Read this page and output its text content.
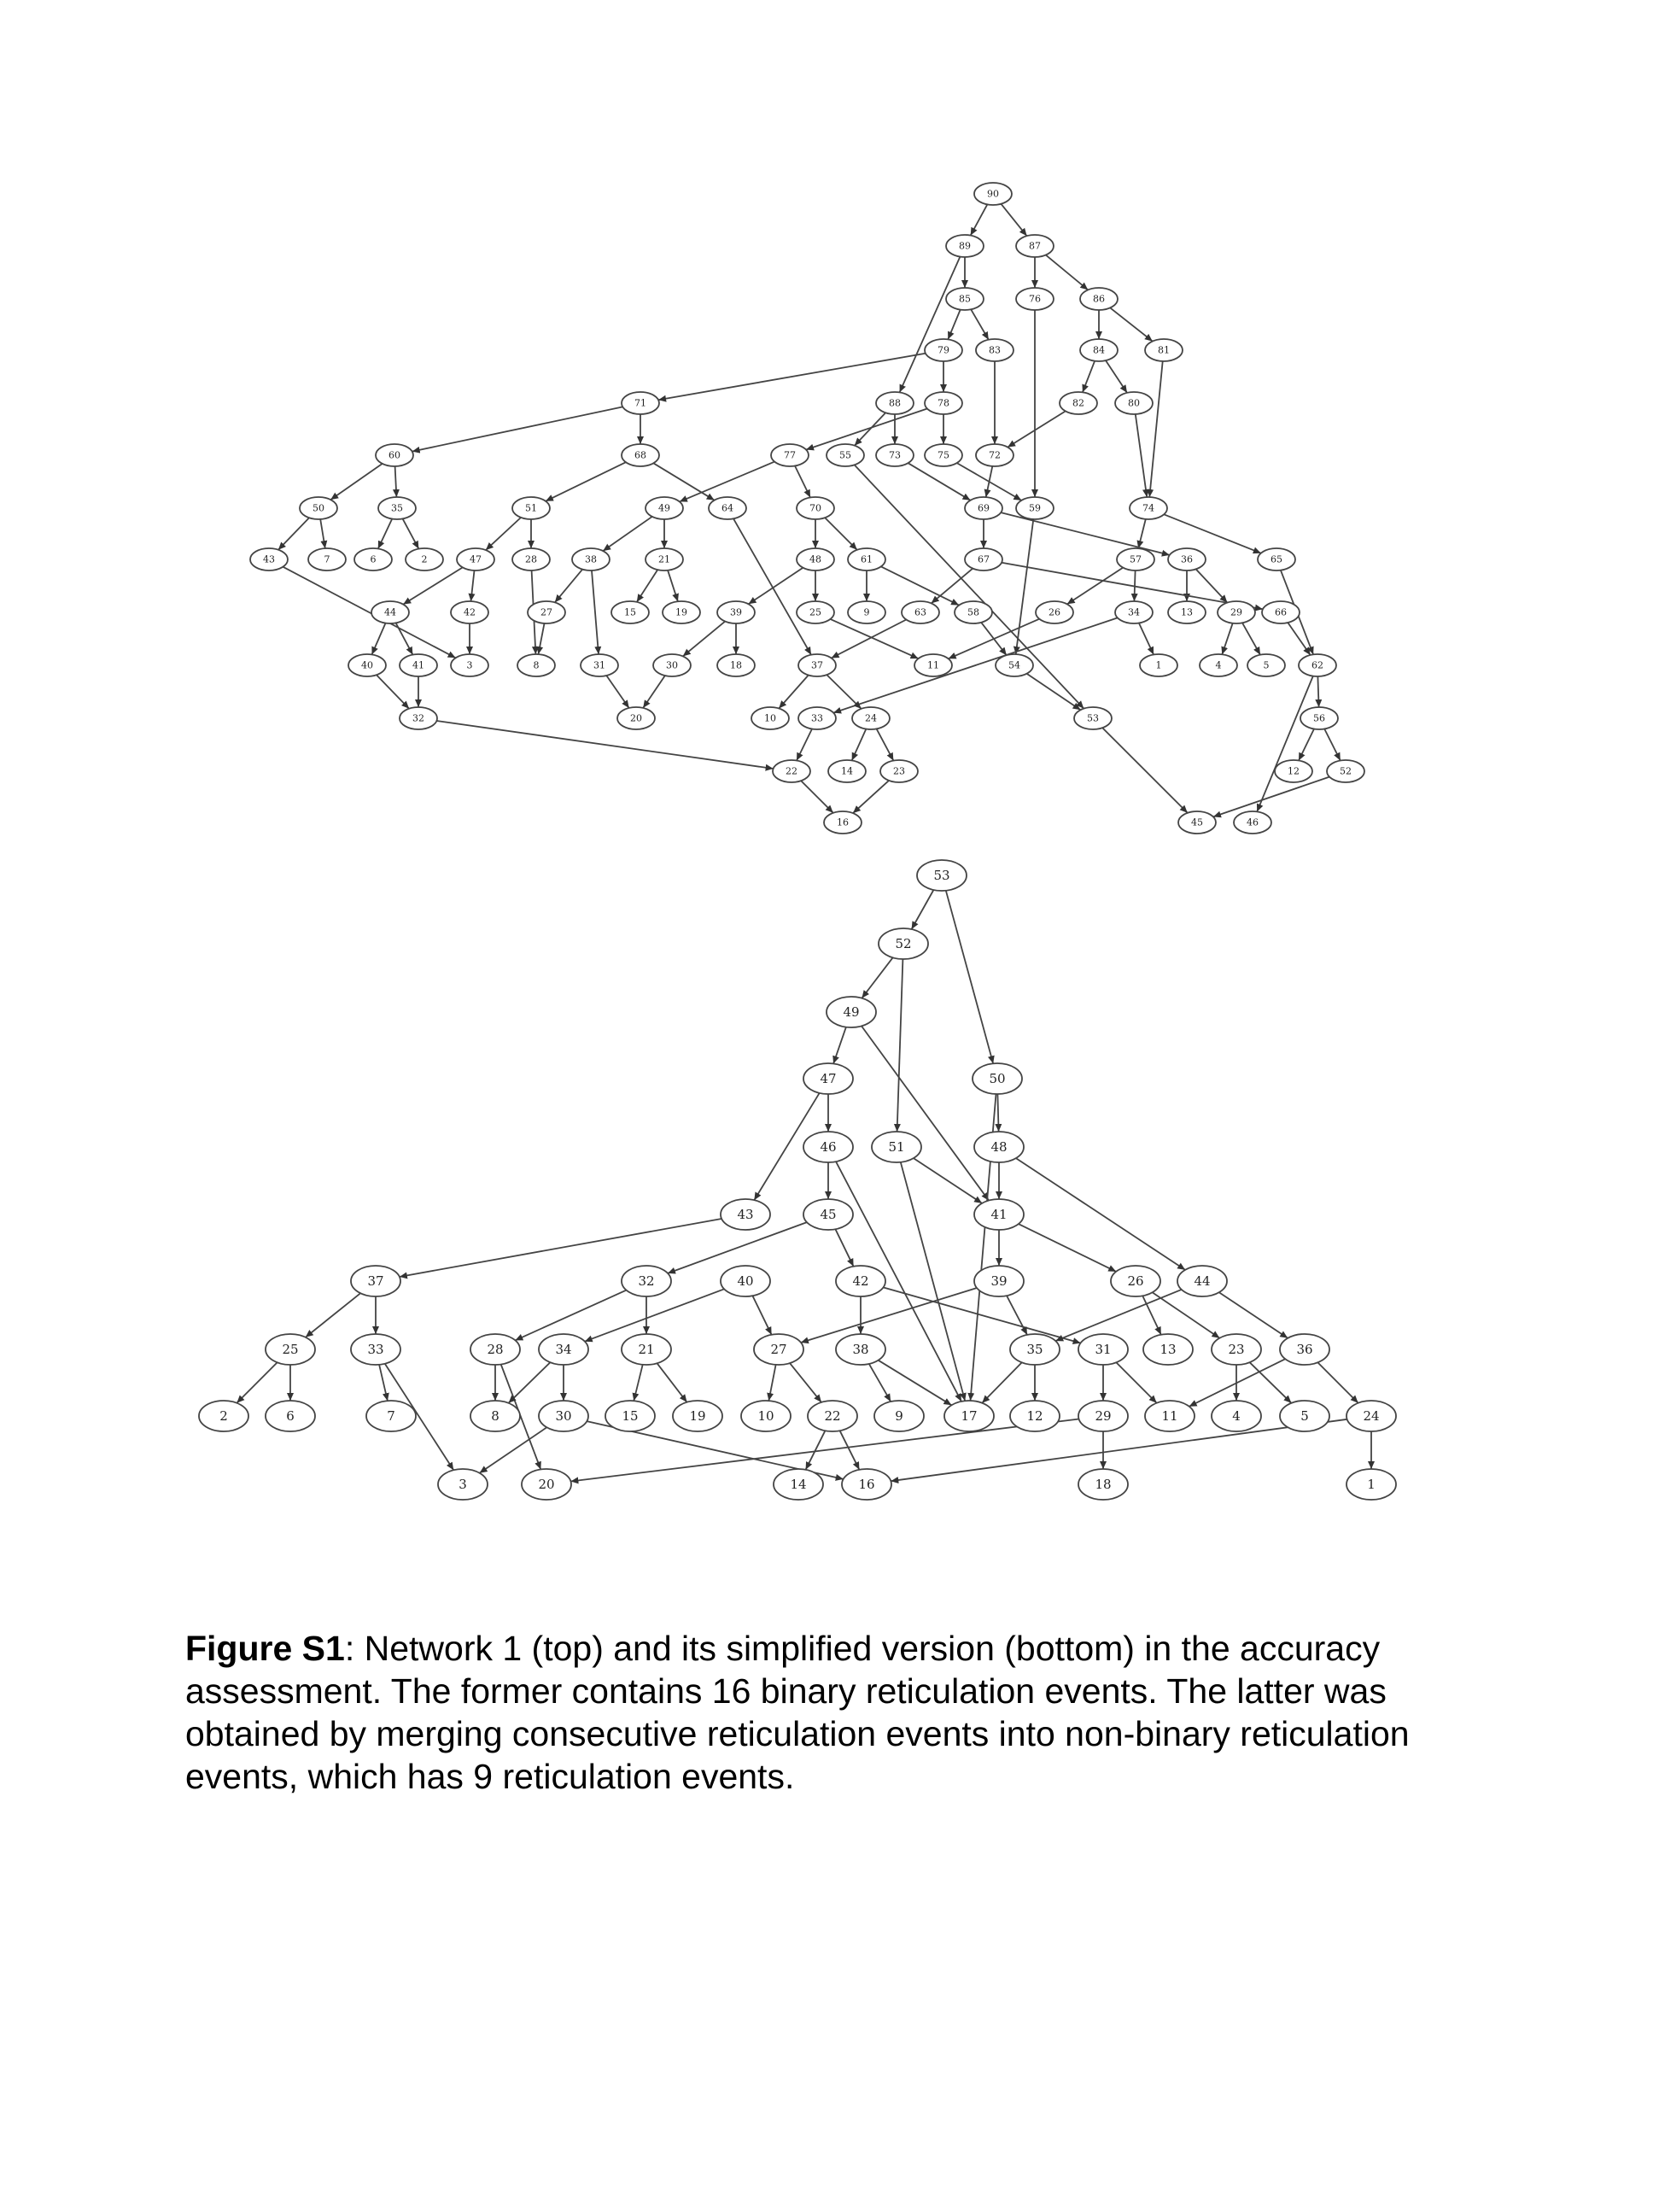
90
89	87
85	76	86
79	83	84	81
71	88	78	82	80
60	68	77	55	73	75	72
74
50	35	51	49	64	70	69	59
65
43	7	6	2	47	28	38	21	48	61	67	57	36
44	42	27	15	19	39	25	9	63	58	26	34	13	29	66
40	41	3	8	31	30	18	37	11	54	1	4	5	62
32	20	10	33	24	53	56
22	14	23	12	52
16	45	46
53
52
49
50
47
46	51	48
43	45	41
37	32	40	42	39	26	44
25	33	28	34	21	27	38	35	31	13	23	36
2	6	7	8	30	15	19	10	22	9	17	12	29	11	4	5	24
3	20	14	16	18	1
Figure S1: Network 1 (top) and its simplified version (bottom) in the accuracy assessment. The former contains 16 binary reticulation events. The latter was obtained by merging consecutive reticulation events into non-binary reticulation events, which has 9 reticulation events.
